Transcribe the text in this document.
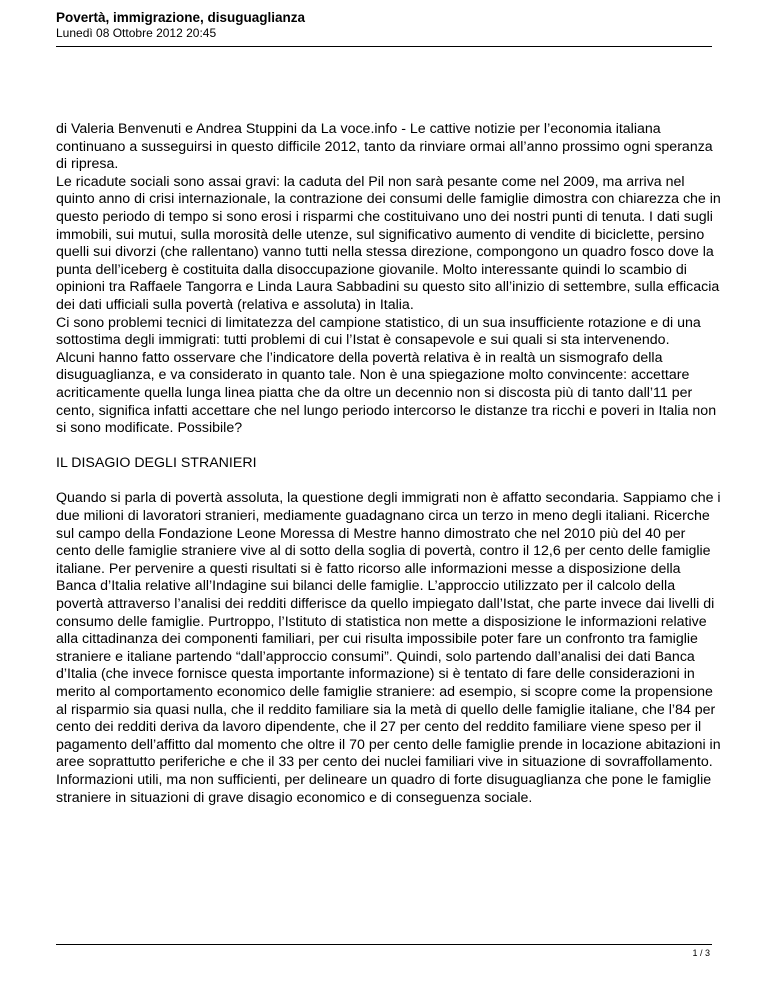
Povertà, immigrazione, disuguaglianza

Lunedì 08 Ottobre 2012 20:45

di Valeria Benvenuti e Andrea Stuppini da La voce.info - Le cattive notizie per l’economia italiana continuano a susseguirsi in questo difficile 2012, tanto da rinviare ormai all’anno prossimo ogni speranza di ripresa.

Le ricadute sociali sono assai gravi: la caduta del Pil non sarà pesante come nel 2009, ma arriva nel quinto anno di crisi internazionale, la contrazione dei consumi delle famiglie dimostra con chiarezza che in questo periodo di tempo si sono erosi i risparmi che costituivano uno dei nostri punti di tenuta. I dati sugli immobili, sui mutui, sulla morosità delle utenze, sul significativo aumento di vendite di biciclette, persino quelli sui divorzi (che rallentano) vanno tutti nella stessa direzione, compongono un quadro fosco dove la punta dell’iceberg è costituita dalla disoccupazione giovanile. Molto interessante quindi lo scambio di opinioni tra Raffaele Tangorra e Linda Laura Sabbadini su questo sito all’inizio di settembre, sulla efficacia dei dati ufficiali sulla povertà (relativa e assoluta) in Italia.

Ci sono problemi tecnici di limitatezza del campione statistico, di un sua insufficiente rotazione e di una sottostima degli immigrati: tutti problemi di cui l’Istat è consapevole e sui quali si sta intervenendo.

Alcuni hanno fatto osservare che l’indicatore della povertà relativa è in realtà un sismografo della disuguaglianza, e va considerato in quanto tale. Non è una spiegazione molto convincente: accettare acriticamente quella lunga linea piatta che da oltre un decennio non si discosta più di tanto dall’11 per cento, significa infatti accettare che nel lungo periodo intercorso le distanze tra ricchi e poveri in Italia non si sono modificate. Possibile?

IL DISAGIO DEGLI STRANIERI

Quando si parla di povertà assoluta, la questione degli immigrati non è affatto secondaria. Sappiamo che i due milioni di lavoratori stranieri, mediamente guadagnano circa un terzo in meno degli italiani. Ricerche sul campo della Fondazione Leone Moressa di Mestre hanno dimostrato che nel 2010 più del 40 per cento delle famiglie straniere vive al di sotto della soglia di povertà, contro il 12,6 per cento delle famiglie italiane. Per pervenire a questi risultati si è fatto ricorso alle informazioni messe a disposizione della Banca d’Italia relative all’Indagine sui bilanci delle famiglie. L’approccio utilizzato per il calcolo della povertà attraverso l’analisi dei redditi differisce da quello impiegato dall’Istat, che parte invece dai livelli di consumo delle famiglie. Purtroppo, l’Istituto di statistica non mette a disposizione le informazioni relative alla cittadinanza dei componenti familiari, per cui risulta impossibile poter fare un confronto tra famiglie straniere e italiane partendo “dall’approccio consumi”. Quindi, solo partendo dall’analisi dei dati Banca d’Italia (che invece fornisce questa importante informazione) si è tentato di fare delle considerazioni in merito al comportamento economico delle famiglie straniere: ad esempio, si scopre come la propensione al risparmio sia quasi nulla, che il reddito familiare sia la metà di quello delle famiglie italiane, che l’84 per cento dei redditi deriva da lavoro dipendente, che il 27 per cento del reddito familiare viene speso per il pagamento dell’affitto dal momento che oltre il 70 per cento delle famiglie prende in locazione abitazioni in aree soprattutto periferiche e che il 33 per cento dei nuclei familiari vive in situazione di sovraffollamento.

Informazioni utili, ma non sufficienti, per delineare un quadro di forte disuguaglianza che pone le famiglie straniere in situazioni di grave disagio economico e di conseguenza sociale.

1 / 3
